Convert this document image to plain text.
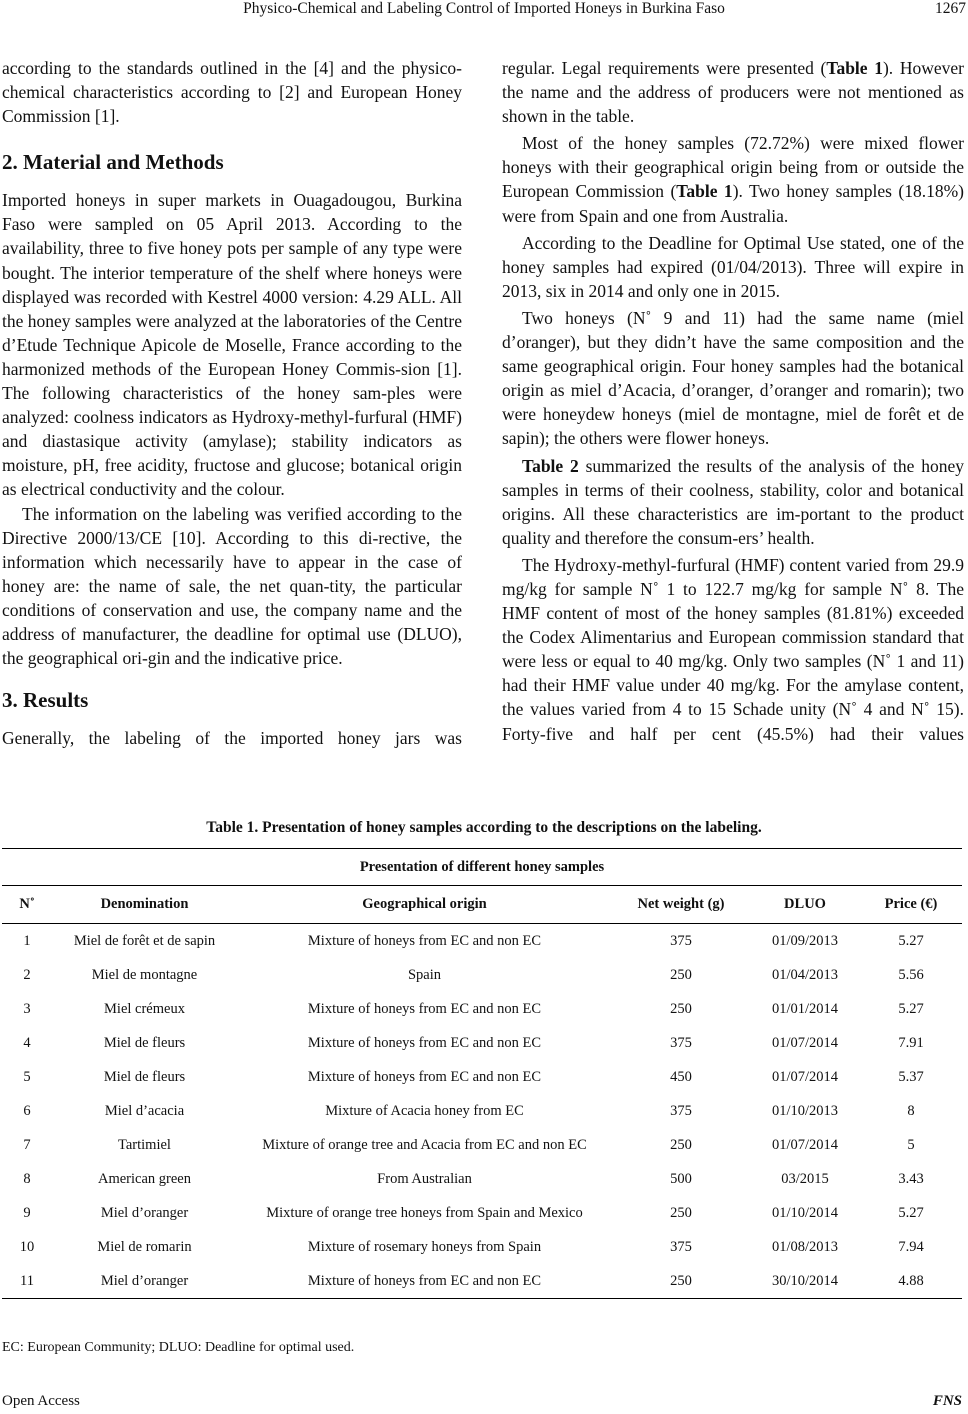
Physico-Chemical and Labeling Control of Imported Honeys in Burkina Faso	1267

according to the standards outlined in the [4] and the physico-chemical characteristics according to [2] and European Honey Commission [1].

2. Material and Methods

Imported honeys in super markets in Ouagadougou, Burkina Faso were sampled on 05 April 2013. According to the availability, three to five honey pots per sample of any type were bought. The interior temperature of the shelf where honeys were displayed was recorded with Kestrel 4000 version: 4.29 ALL. All the honey samples were analyzed at the laboratories of the Centre d’Etude Technique Apicole de Moselle, France according to the harmonized methods of the European Honey Commis-sion [1]. The following characteristics of the honey sam-ples were analyzed: coolness indicators as Hydroxy-methyl-furfural (HMF) and diastasique activity (amylase); stability indicators as moisture, pH, free acidity, fructose and glucose; botanical origin as electrical conductivity and the colour.

The information on the labeling was verified according to the Directive 2000/13/CE [10]. According to this di-rective, the information which necessarily have to appear in the case of honey are: the name of sale, the net quan-tity, the particular conditions of conservation and use, the company name and the address of manufacturer, the deadline for optimal use (DLUO), the geographical ori-gin and the indicative price.

3. Results

Generally, the labeling of the imported honey jars was

regular. Legal requirements were presented (Table 1). However the name and the address of producers were not mentioned as shown in the table.

Most of the honey samples (72.72%) were mixed flower honeys with their geographical origin being from or outside the European Commission (Table 1). Two honey samples (18.18%) were from Spain and one from Australia.

According to the Deadline for Optimal Use stated, one of the honey samples had expired (01/04/2013). Three will expire in 2013, six in 2014 and only one in 2015.

Two honeys (N˚ 9 and 11) had the same name (miel d’oranger), but they didn’t have the same composition and the same geographical origin. Four honey samples had the botanical origin as miel d’Acacia, d’oranger, d’oranger and romarin); two were honeydew honeys (miel de montagne, miel de forêt et de sapin); the others were flower honeys.

Table 2 summarized the results of the analysis of the honey samples in terms of their coolness, stability, color and botanical origins. All these characteristics are im-portant to the product quality and therefore the consum-ers’ health.

The Hydroxy-methyl-furfural (HMF) content varied from 29.9 mg/kg for sample N˚ 1 to 122.7 mg/kg for sample N˚ 8. The HMF content of most of the honey samples (81.81%) exceeded the Codex Alimentarius and European commission standard that were less or equal to 40 mg/kg. Only two samples (N˚ 1 and 11) had their HMF value under 40 mg/kg. For the amylase content, the values varied from 4 to 15 Schade unity (N˚ 4 and N˚ 15). Forty-five and half per cent (45.5%) had their values

Table 1. Presentation of honey samples according to the descriptions on the labeling.
Presentation of different honey samples					
N˚	Denomination	Geographical origin	Net weight (g)	DLUO	Price (€)
1	Miel de forêt et de sapin	Mixture of honeys from EC and non EC	375	01/09/2013	5.27
2	Miel de montagne	Spain	250	01/04/2013	5.56
3	Miel crémeux	Mixture of honeys from EC and non EC	250	01/01/2014	5.27
4	Miel de fleurs	Mixture of honeys from EC and non EC	375	01/07/2014	7.91
5	Miel de fleurs	Mixture of honeys from EC and non EC	450	01/07/2014	5.37
6	Miel d’acacia	Mixture of Acacia honey from EC	375	01/10/2013	8
7	Tartimiel	Mixture of orange tree and Acacia from EC and non EC	250	01/07/2014	5
8	American green	From Australian	500	03/2015	3.43
9	Miel d’oranger	Mixture of orange tree honeys from Spain and Mexico	250	01/10/2014	5.27
10	Miel de romarin	Mixture of rosemary honeys from Spain	375	01/08/2013	7.94
11	Miel d’oranger	Mixture of honeys from EC and non EC	250	30/10/2014	4.88
EC: European Community; DLUO: Deadline for optimal used.
Open Access	FNS
